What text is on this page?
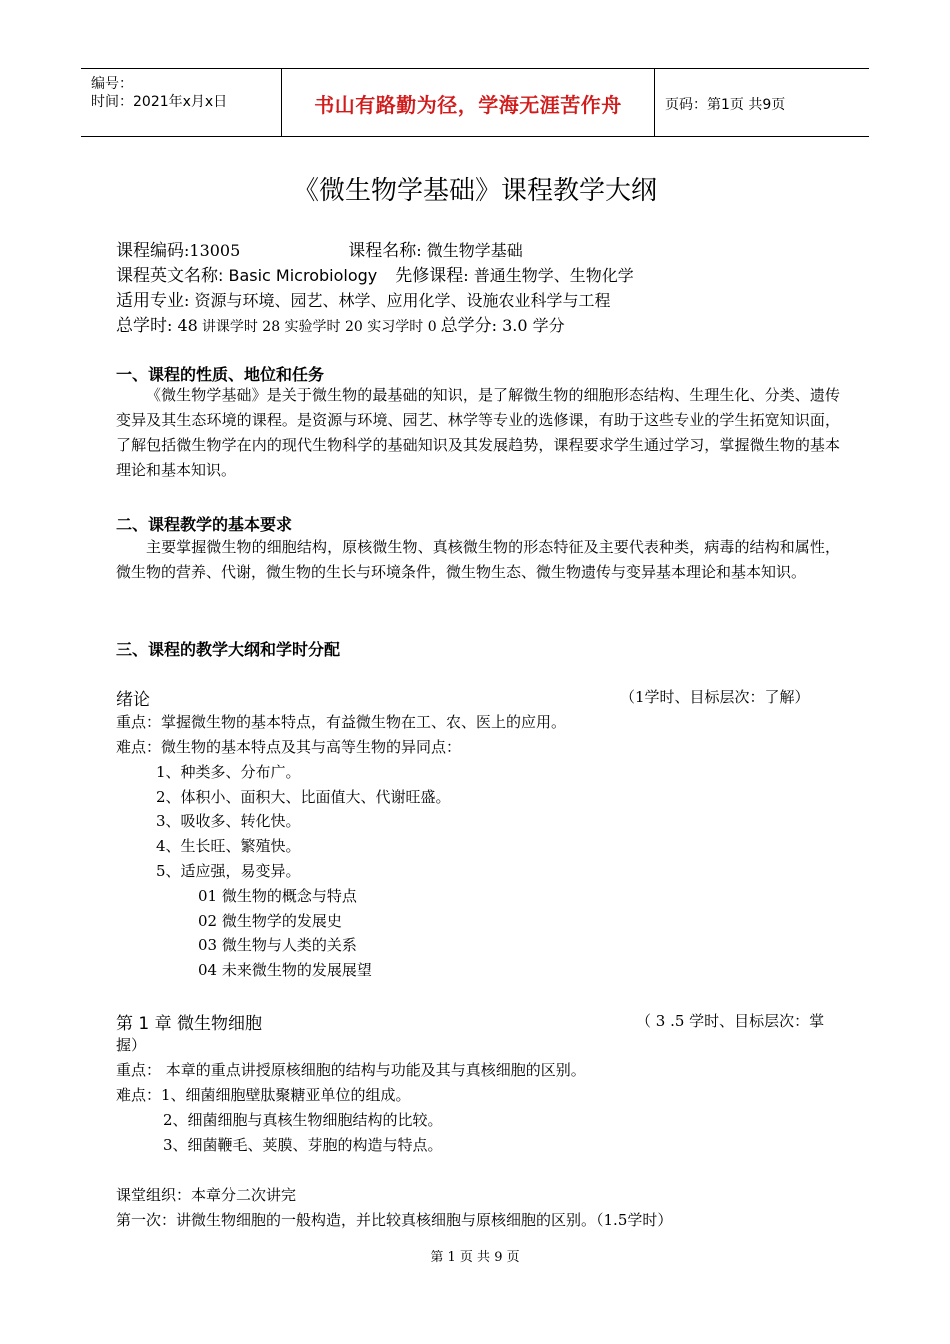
编号：
时间：2021年x月x日	书山有路勤为径，学海无涯苦作舟	页码：第1页 共9页
《微生物学基础》课程教学大纲
课程编码:13005	课程名称: 微生物学基础
课程英文名称: Basic Microbiology 先修课程: 普通生物学、生物化学
适用专业: 资源与环境、园艺、林学、应用化学、设施农业科学与工程
总学时: 48 讲课学时 28 实验学时 20 实习学时 0 总学分: 3.0 学分
一、课程的性质、地位和任务
《微生物学基础》是关于微生物的最基础的知识，是了解微生物的细胞形态结构、生理生化、分类、遗传变异及其生态环境的课程。是资源与环境、园艺、林学等专业的选修课，有助于这些专业的学生拓宽知识面，了解包括微生物学在内的现代生物科学的基础知识及其发展趋势，课程要求学生通过学习，掌握微生物的基本理论和基本知识。
二、课程教学的基本要求
主要掌握微生物的细胞结构，原核微生物、真核微生物的形态特征及主要代表种类，病毒的结构和属性，微生物的营养、代谢，微生物的生长与环境条件，微生物生态、微生物遗传与变异基本理论和基本知识。
三、课程的教学大纲和学时分配
绪论	（1学时、目标层次：了解）
重点：掌握微生物的基本特点，有益微生物在工、农、医上的应用。
难点：微生物的基本特点及其与高等生物的异同点：
1、种类多、分布广。
2、体积小、面积大、比面值大、代谢旺盛。
3、吸收多、转化快。
4、生长旺、繁殖快。
5、适应强，易变异。
01 微生物的概念与特点
02 微生物学的发展史
03 微生物与人类的关系
04 未来微生物的发展展望
第 1 章 微生物细胞	（ 3 .5 学时、目标层次：掌
握）
重点： 本章的重点讲授原核细胞的结构与功能及其与真核细胞的区别。
难点：1、细菌细胞壁肽聚糖亚单位的组成。
2、细菌细胞与真核生物细胞结构的比较。
3、细菌鞭毛、荚膜、芽胞的构造与特点。
课堂组织：本章分二次讲完
第一次：讲微生物细胞的一般构造，并比较真核细胞与原核细胞的区别。（1.5学时）
第 1 页 共 9 页
